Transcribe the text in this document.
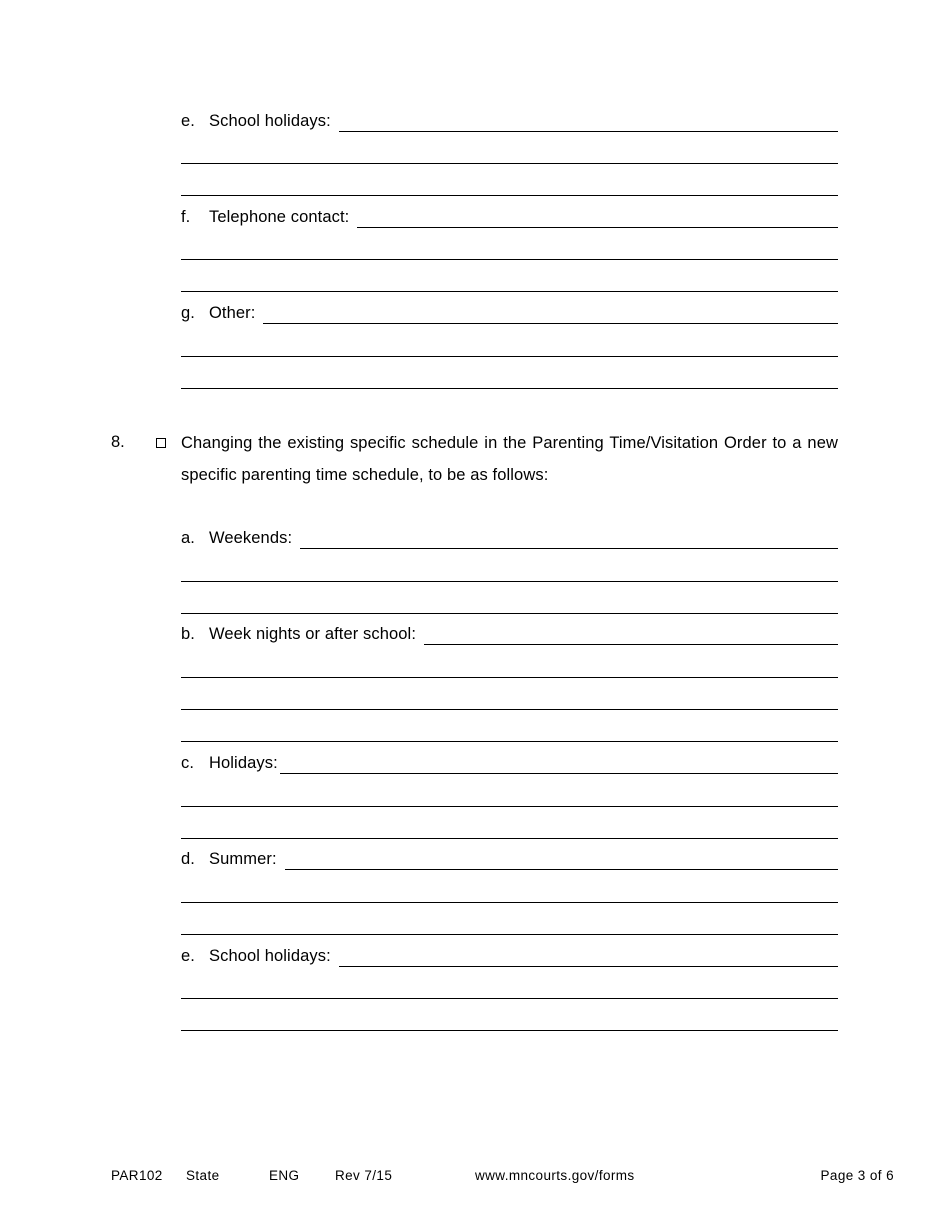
e. School holidays:
f. Telephone contact:
g. Other:
8.	Changing the existing specific schedule in the Parenting Time/Visitation Order to a new specific parenting time schedule, to be as follows:
a. Weekends:
b. Week nights or after school:
c. Holidays:
d. Summer:
e. School holidays:
PAR102 State	ENG	Rev 7/15	www.mncourts.gov/forms	Page 3 of 6
